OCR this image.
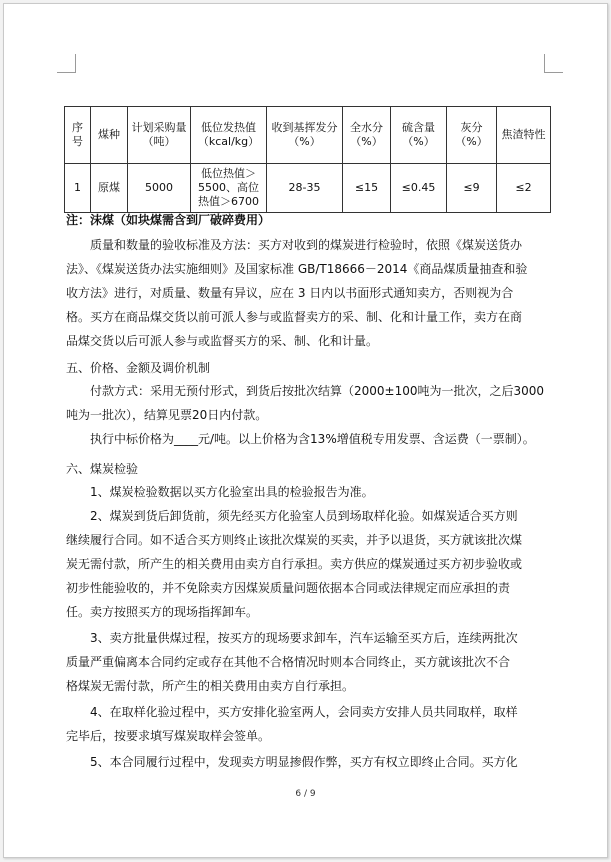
序号	煤种	计划采购量（吨）	低位发热值（kcal/kg）	收到基挥发分（%）	全水分（%）	硫含量（%）	灰分（%）	焦渣特性
1	原煤	5000	低位热值＞5500、高位热值＞6700	28-35	≤15	≤0.45	≤9	≤2
注：沫煤（如块煤需含到厂破碎费用）
　　质量和数量的验收标准及方法：买方对收到的煤炭进行检验时，依照《煤炭送货办
法》、《煤炭送货办法实施细则》及国家标准 GB/T18666－2014《商品煤质量抽查和验
收方法》进行，对质量、数量有异议，应在 3 日内以书面形式通知卖方，否则视为合
格。买方在商品煤交货以前可派人参与或监督卖方的采、制、化和计量工作，卖方在商
品煤交货以后可派人参与或监督买方的采、制、化和计量。
五、价格、金额及调价机制
　　付款方式：采用无预付形式，到货后按批次结算（2000±100吨为一批次，之后3000
吨为一批次），结算见票20日内付款。
　　执行中标价格为____元/吨。以上价格为含13%增值税专用发票、含运费（一票制）。
六、煤炭检验
　　1、煤炭检验数据以买方化验室出具的检验报告为准。
　　2、煤炭到货后卸货前，须先经买方化验室人员到场取样化验。如煤炭适合买方则
继续履行合同。如不适合买方则终止该批次煤炭的买卖，并予以退货，买方就该批次煤
炭无需付款，所产生的相关费用由卖方自行承担。卖方供应的煤炭通过买方初步验收或
初步性能验收的，并不免除卖方因煤炭质量问题依据本合同或法律规定而应承担的责
任。卖方按照买方的现场指挥卸车。
　　3、卖方批量供煤过程，按买方的现场要求卸车，汽车运输至买方后，连续两批次
质量严重偏离本合同约定或存在其他不合格情况时则本合同终止，买方就该批次不合
格煤炭无需付款，所产生的相关费用由卖方自行承担。
　　4、在取样化验过程中，买方安排化验室两人，会同卖方安排人员共同取样，取样
完毕后，按要求填写煤炭取样会签单。
　　5、本合同履行过程中，发现卖方明显掺假作弊，买方有权立即终止合同。买方化
6 / 9
